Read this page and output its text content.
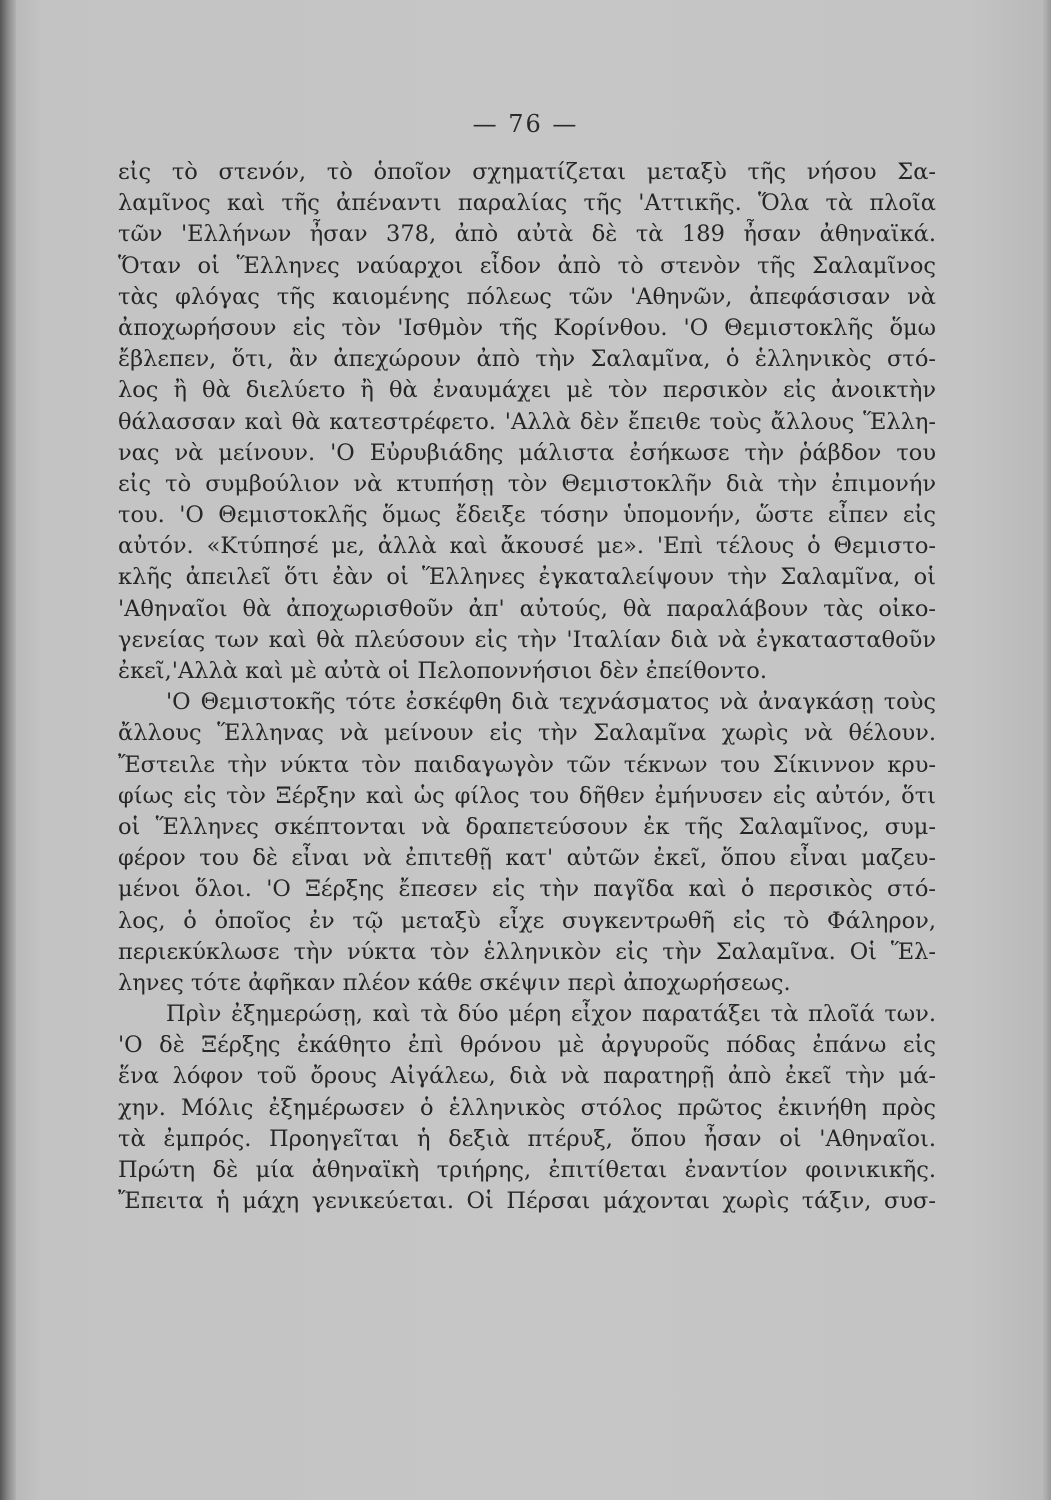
— 76 —
εἰς τὸ στενόν, τὸ ὁποῖον σχηματίζεται μεταξὺ τῆς νήσου Σα-
λαμῖνος καὶ τῆς ἀπέναντι παραλίας τῆς 'Αττικῆς. Ὅλα τὰ πλοῖα
τῶν 'Ελλήνων ἦσαν 378, ἀπὸ αὐτὰ δὲ τὰ 189 ἦσαν ἀθηναϊκά.
Ὅταν οἱ Ἕλληνες ναύαρχοι εἶδον ἀπὸ τὸ στενὸν τῆς Σαλαμῖνος
τὰς φλόγας τῆς καιομένης πόλεως τῶν 'Αθηνῶν, ἀπεφάσισαν νὰ
ἀποχωρήσουν εἰς τὸν 'Ισθμὸν τῆς Κορίνθου. 'Ο Θεμιστοκλῆς ὅμω
ἔβλεπεν, ὅτι, ἂν ἀπεχώρουν ἀπὸ τὴν Σαλαμῖνα, ὁ ἑλληνικὸς στό-
λος ἢ θὰ διελύετο ἢ θὰ ἐναυμάχει μὲ τὸν περσικὸν εἰς ἀνοικτὴν
θάλασσαν καὶ θὰ κατεστρέφετο. 'Αλλὰ δὲν ἔπειθε τοὺς ἄλλους Ἕλλη-
νας νὰ μείνουν. 'Ο Εὐρυβιάδης μάλιστα ἐσήκωσε τὴν ῥάβδον του
εἰς τὸ συμβούλιον νὰ κτυπήσῃ τὸν Θεμιστοκλῆν διὰ τὴν ἐπιμονήν
του. 'Ο Θεμιστοκλῆς ὅμως ἔδειξε τόσην ὑπομονήν, ὥστε εἶπεν εἰς
αὐτόν. «Κτύπησέ με, ἀλλὰ καὶ ἄκουσέ με». 'Επὶ τέλους ὁ Θεμιστο-
κλῆς ἀπειλεῖ ὅτι ἐὰν οἱ Ἕλληνες ἐγκαταλείψουν τὴν Σαλαμῖνα, οἱ
'Αθηναῖοι θὰ ἀποχωρισθοῦν ἀπ' αὐτούς, θὰ παραλάβουν τὰς οἰκο-
γενείας των καὶ θὰ πλεύσουν εἰς τὴν 'Ιταλίαν διὰ νὰ ἐγκατασταθοῦν
ἐκεῖ,'Αλλὰ καὶ μὲ αὐτὰ οἱ Πελοποννήσιοι δὲν ἐπείθοντο.
'Ο Θεμιστοκῆς τότε ἐσκέφθη διὰ τεχνάσματος νὰ ἀναγκάσῃ τοὺς
ἄλλους Ἕλληνας νὰ μείνουν εἰς τὴν Σαλαμῖνα χωρὶς νὰ θέλουν.
Ἔστειλε τὴν νύκτα τὸν παιδαγωγὸν τῶν τέκνων του Σίκιννον κρυ-
φίως εἰς τὸν Ξέρξην καὶ ὡς φίλος του δῆθεν ἐμήνυσεν εἰς αὐτόν, ὅτι
οἱ Ἕλληνες σκέπτονται νὰ δραπετεύσουν ἐκ τῆς Σαλαμῖνος, συμ-
φέρον του δὲ εἶναι νὰ ἐπιτεθῇ κατ' αὐτῶν ἐκεῖ, ὅπου εἶναι μαζευ-
μένοι ὅλοι. 'Ο Ξέρξης ἔπεσεν εἰς τὴν παγῖδα καὶ ὁ περσικὸς στό-
λος, ὁ ὁποῖος ἐν τῷ μεταξὺ εἶχε συγκεντρωθῆ εἰς τὸ Φάληρον,
περιεκύκλωσε τὴν νύκτα τὸν ἑλληνικὸν εἰς τὴν Σαλαμῖνα. Οἱ Ἕλ-
ληνες τότε ἀφῆκαν πλέον κάθε σκέψιν περὶ ἀποχωρήσεως.
Πρὶν ἐξημερώσῃ, καὶ τὰ δύο μέρη εἶχον παρατάξει τὰ πλοῖά των.
'Ο δὲ Ξέρξης ἐκάθητο ἐπὶ θρόνου μὲ ἀργυροῦς πόδας ἐπάνω εἰς
ἕνα λόφον τοῦ ὄρους Αἰγάλεω, διὰ νὰ παρατηρῇ ἀπὸ ἐκεῖ τὴν μά-
χην. Μόλις ἐξημέρωσεν ὁ ἑλληνικὸς στόλος πρῶτος ἐκινήθη πρὸς
τὰ ἐμπρός. Προηγεῖται ἡ δεξιὰ πτέρυξ, ὅπου ἦσαν οἱ 'Αθηναῖοι.
Πρώτη δὲ μία ἀθηναϊκὴ τριήρης, ἐπιτίθεται ἐναντίον φοινικικῆς.
Ἔπειτα ἡ μάχη γενικεύεται. Οἱ Πέρσαι μάχονται χωρὶς τάξιν, συσ-
